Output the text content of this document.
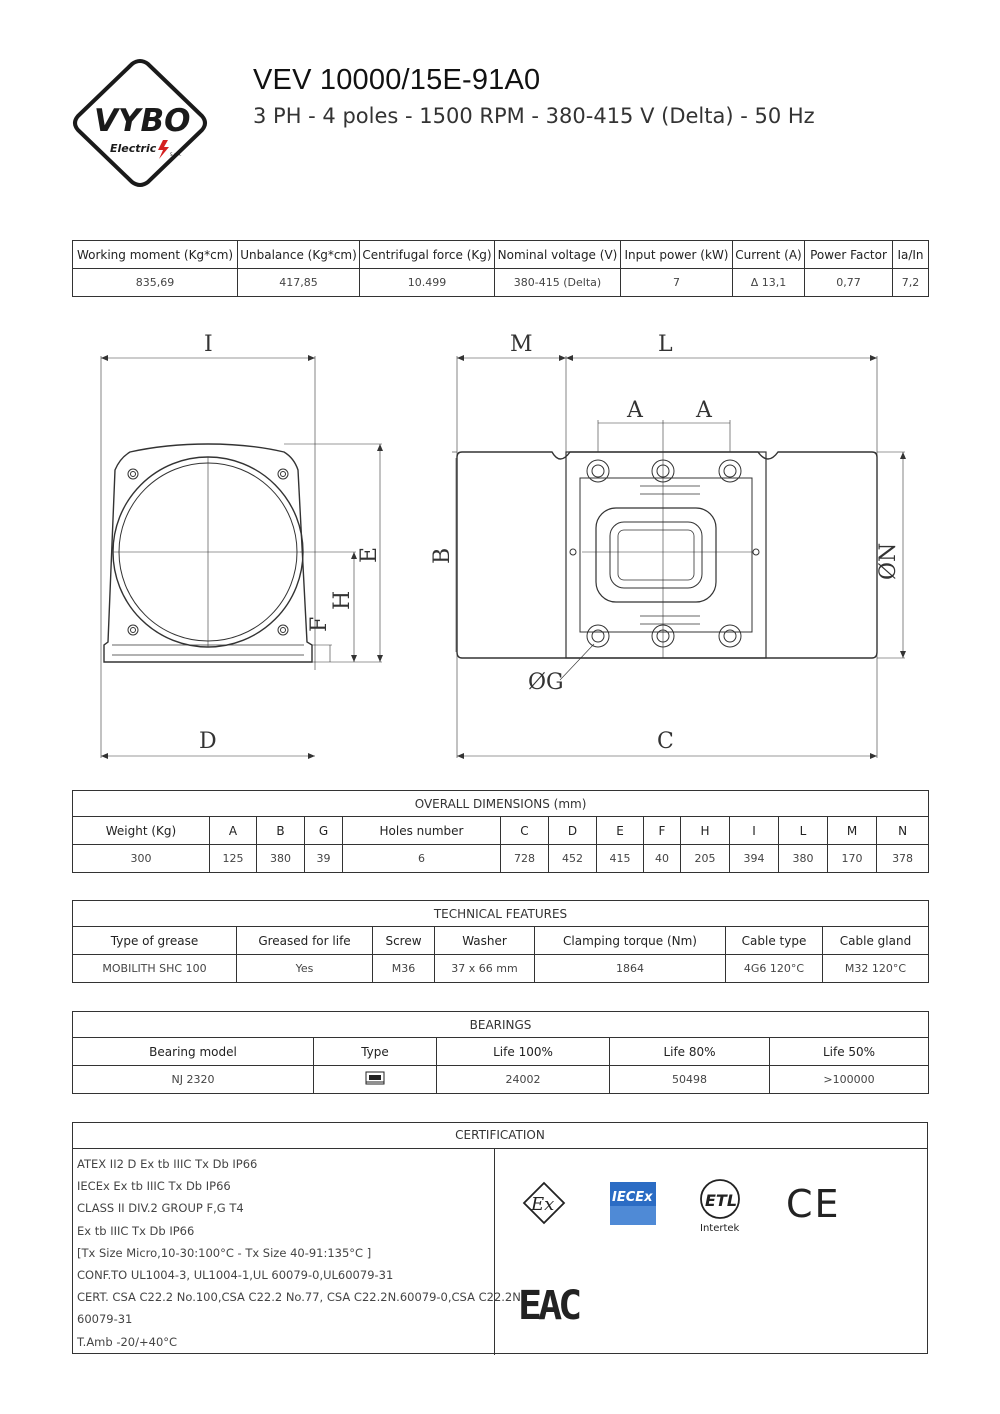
VYBO
Electric	S.p.A.
VEV 10000/15E-91A0
3 PH - 4 poles - 1500 RPM - 380-415 V (Delta) - 50 Hz
Working moment (Kg*cm)	Unbalance (Kg*cm)	Centrifugal force (Kg)	Nominal voltage (V)	Input power (kW)	Current (A)	Power Factor	Ia/In
835,69	417,85	10.499	380-415 (Delta)	7	Δ 13,1	0,77	7,2
I	M	L
A A
D	C
ØG
E
H
F
B	ØN
OVERALL DIMENSIONS (mm)													
Weight (Kg)	A	B	G	Holes number	C	D	E	F	H	I	L	M	N
300	125	380	39	6	728	452	415	40	205	394	380	170	378
TECHNICAL FEATURES						
Type of grease	Greased for life	Screw	Washer	Clamping torque (Nm)	Cable type	Cable gland
MOBILITH SHC 100	Yes	M36	37 x 66 mm	1864	4G6 120°C	M32 120°C
BEARINGS				
Bearing model	Type	Life 100%	Life 80%	Life 50%
NJ 2320		24002	50498	>100000
CERTIFICATION
ATEX II2 D Ex tb IIIC Tx Db IP66
IECEx Ex tb IIIC Tx Db IP66
CLASS II DIV.2 GROUP F,G T4
Ex tb IIIC Tx Db IP66
[Tx Size Micro,10-30:100°C - Tx Size 40-91:135°C ]
CONF.TO UL1004-3, UL1004-1,UL 60079-0,UL60079-31
CERT. CSA C22.2 No.100,CSA C22.2 No.77, CSA C22.2N.60079-0,CSA C22.2N.
60079-31
T.Amb -20/+40°C
Ex	IECEx	ETL
Intertek
CE
EAC
